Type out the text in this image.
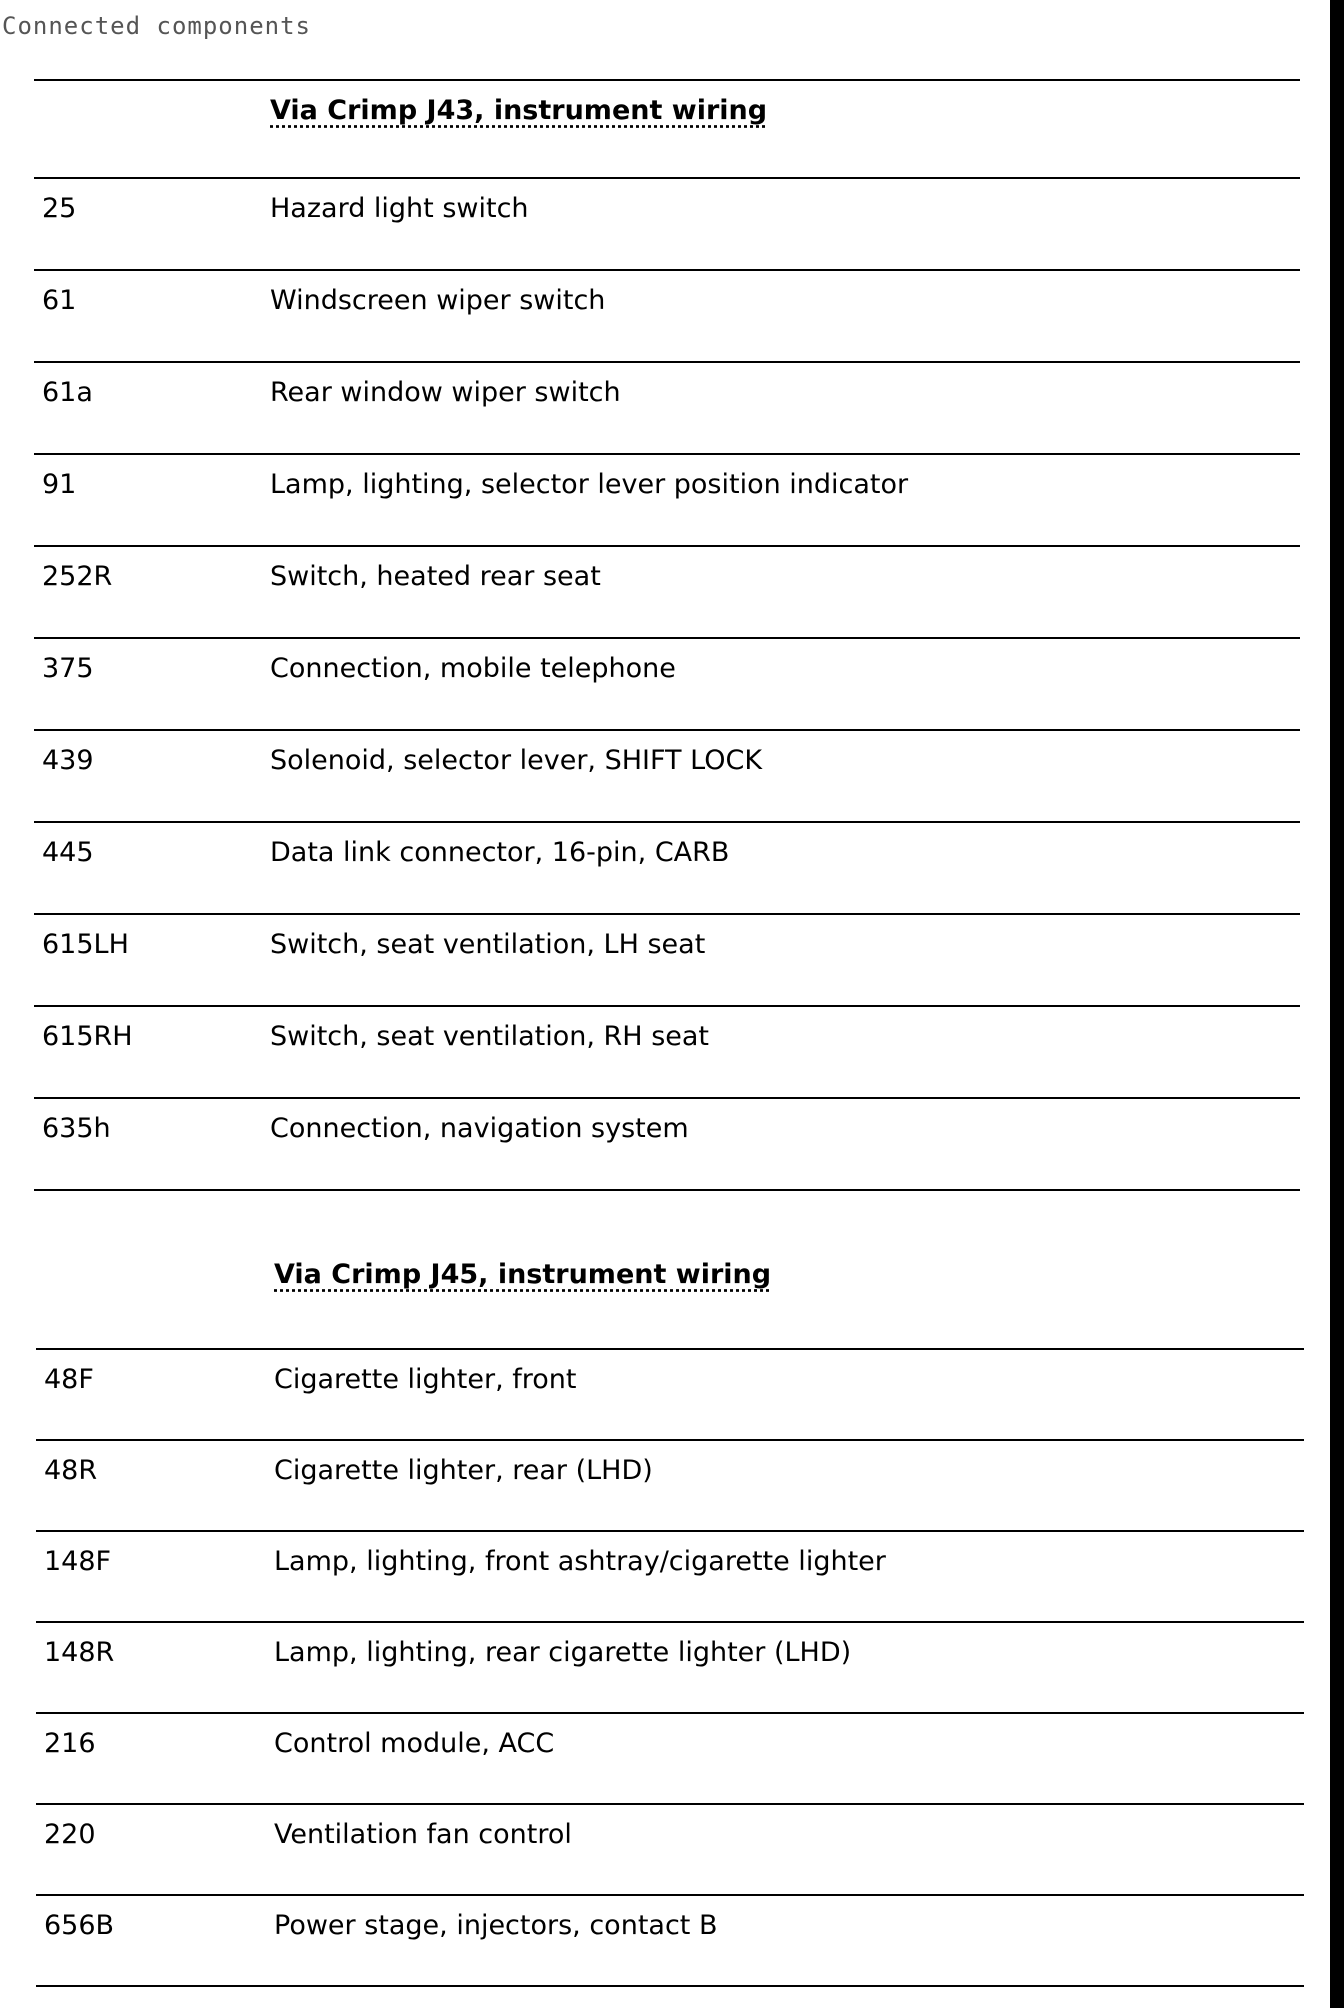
Connected components
Via Crimp J43, instrument wiring
25	Hazard light switch
61	Windscreen wiper switch
61a	Rear window wiper switch
91	Lamp, lighting, selector lever position indicator
252R	Switch, heated rear seat
375	Connection, mobile telephone
439	Solenoid, selector lever, SHIFT LOCK
445	Data link connector, 16-pin, CARB
615LH	Switch, seat ventilation, LH seat
615RH	Switch, seat ventilation, RH seat
635h	Connection, navigation system
Via Crimp J45, instrument wiring
48F	Cigarette lighter, front
48R	Cigarette lighter, rear (LHD)
148F	Lamp, lighting, front ashtray/cigarette lighter
148R	Lamp, lighting, rear cigarette lighter (LHD)
216	Control module, ACC
220	Ventilation fan control
656B	Power stage, injectors, contact B
